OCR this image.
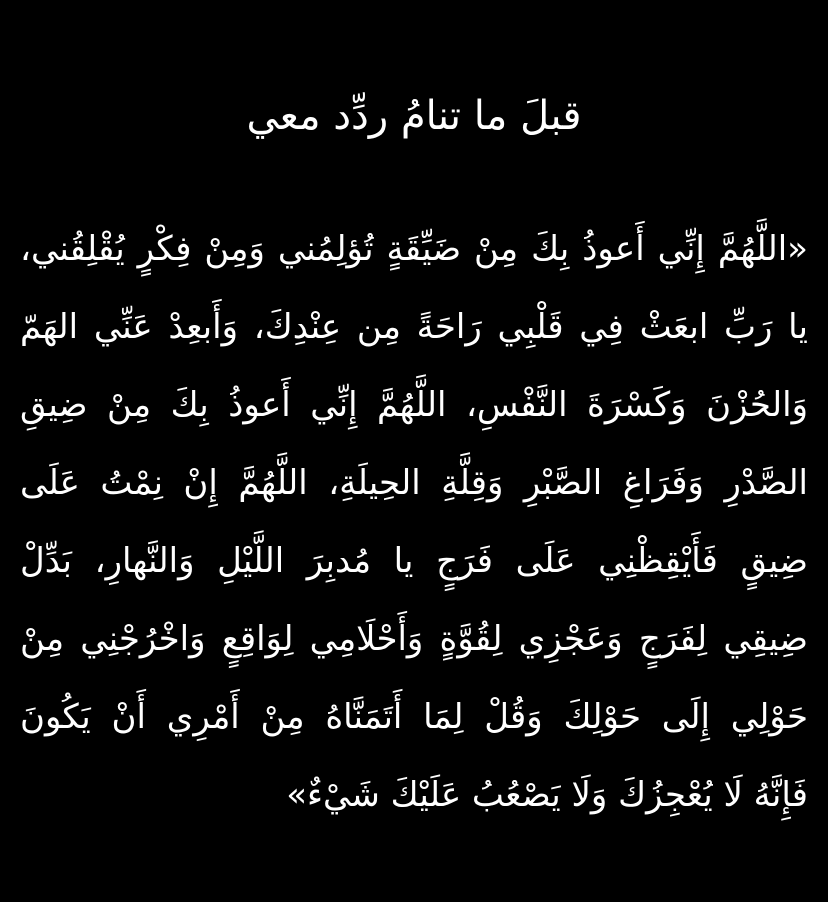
قبلَ ما تنامُ ردِّد معي
«اللَّهُمَّ إِنِّي أَعوذُ بِكَ مِنْ ضَيِّقَةٍ تُؤلِمُني وَمِنْ فِكْرٍ يُقْلِقُني،
يا رَبِّ ابعَثْ فِي قَلْبِي رَاحَةً مِن عِنْدِكَ، وَأَبعِدْ عَنِّي الهَمّ
وَالحُزْنَ وَكَسْرَةَ النَّفْسِ، اللَّهُمَّ إِنِّي أَعوذُ بِكَ مِنْ ضِيقِ
الصَّدْرِ وَفَرَاغِ الصَّبْرِ وَقِلَّةِ الحِيلَةِ، اللَّهُمَّ إِنْ نِمْتُ عَلَى
ضِيقٍ فَأَيْقِظْنِي عَلَى فَرَجٍ يا مُدبِرَ اللَّيْلِ وَالنَّهارِ، بَدِّلْ
ضِيقِي لِفَرَجٍ وَعَجْزِي لِقُوَّةٍ وَأَحْلَامِي لِوَاقِعٍ وَاخْرُجْنِي مِنْ
حَوْلِي إِلَى حَوْلِكَ وَقُلْ لِمَا أَتَمَنَّاهُ مِنْ أَمْرِي أَنْ يَكُونَ
فَإِنَّهُ لَا يُعْجِزُكَ وَلَا يَصْعُبُ عَلَيْكَ شَيْءٌ»
